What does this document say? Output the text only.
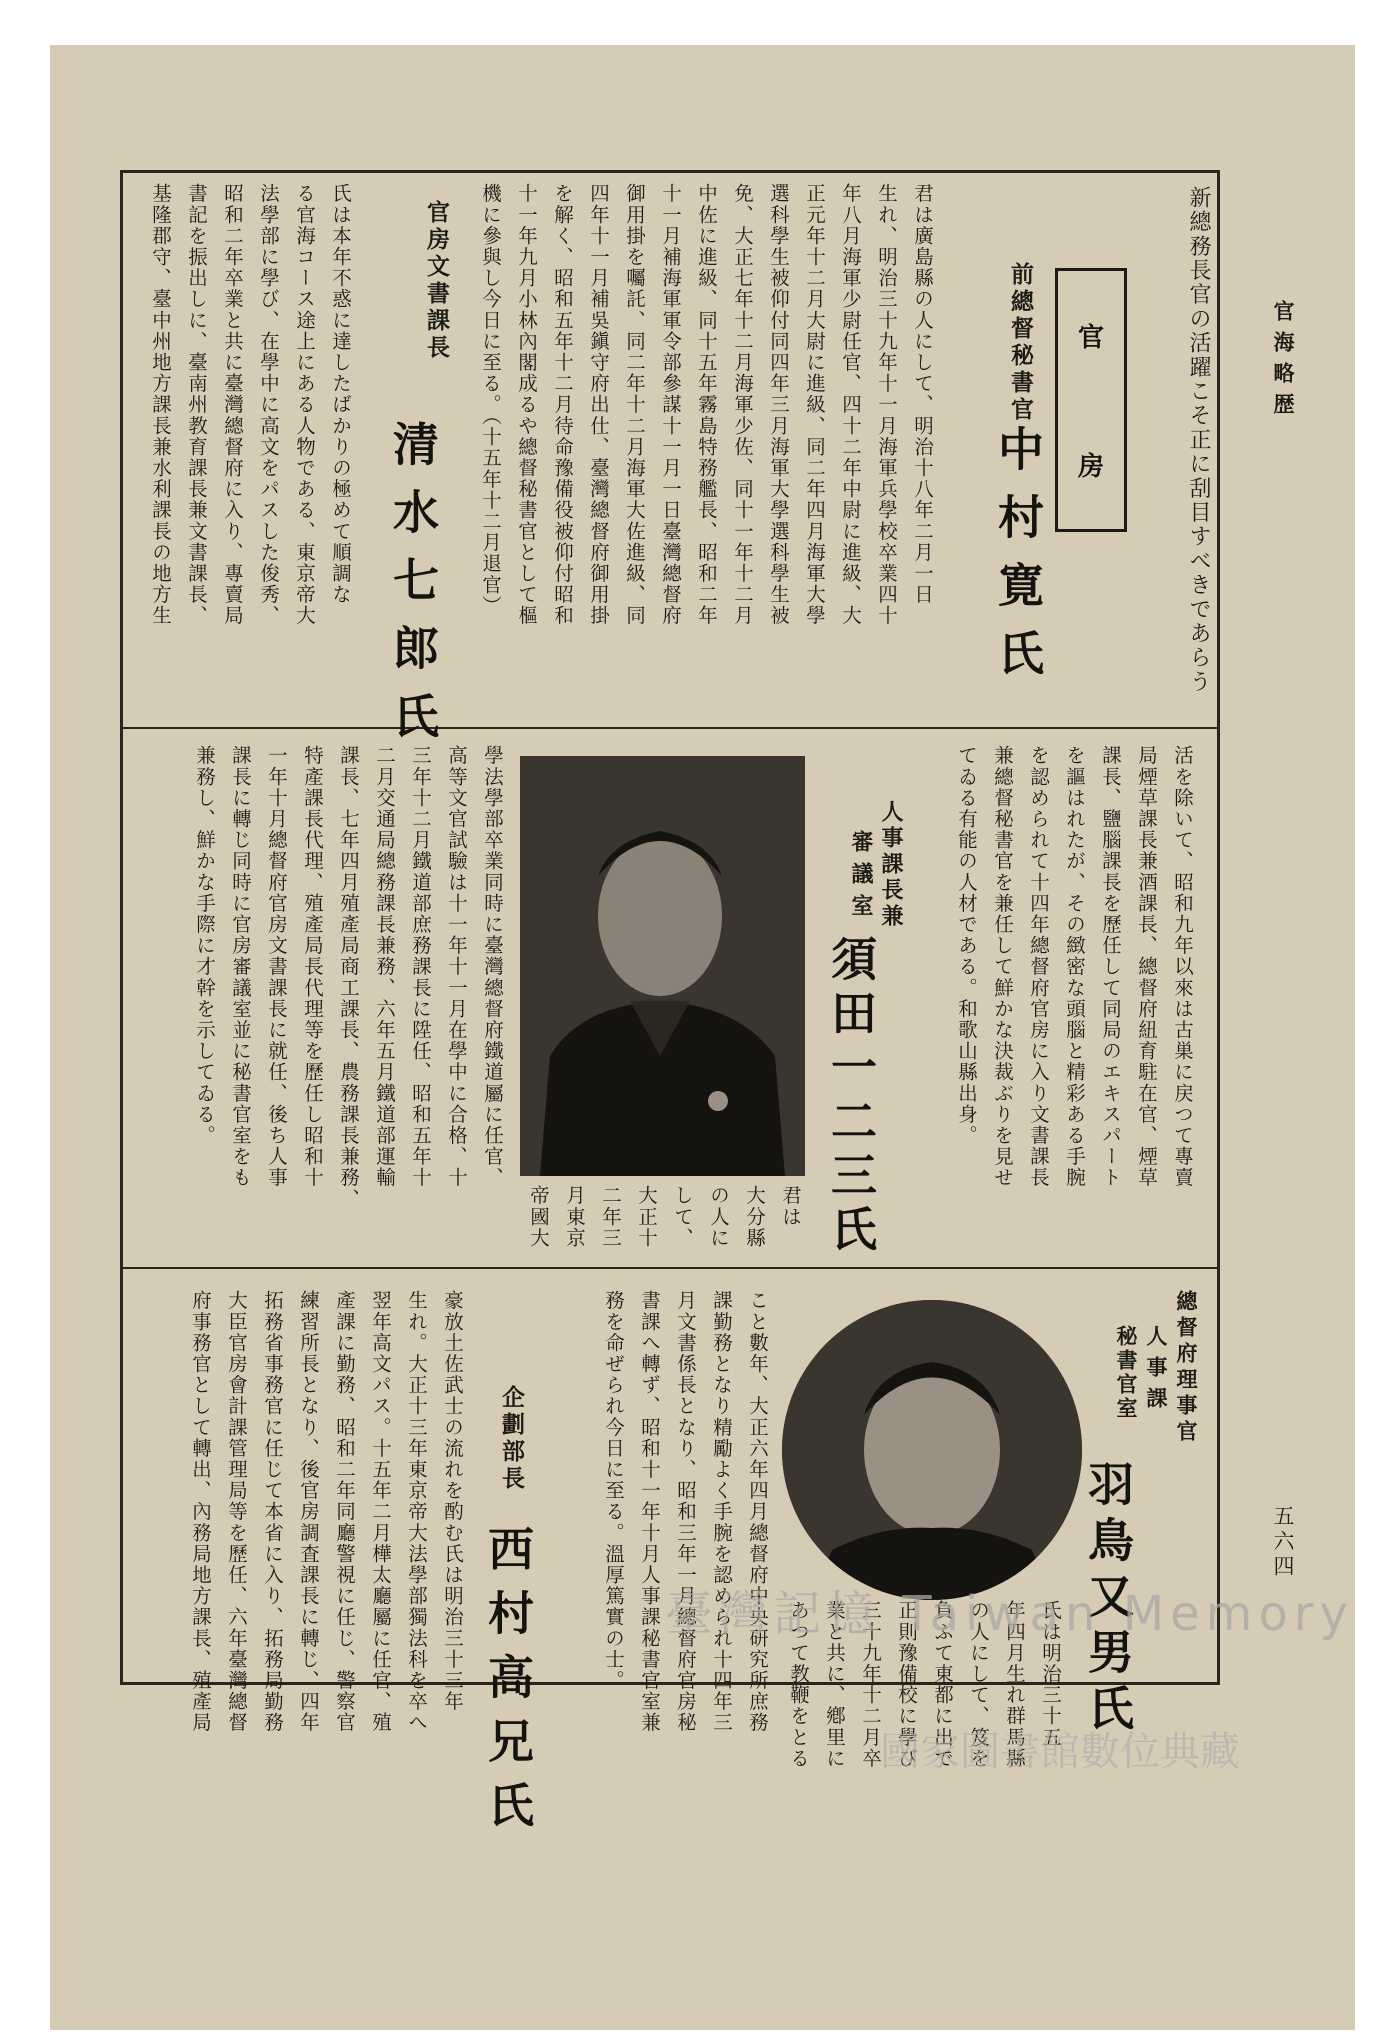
官海略歴
五六四
新總務長官の活躍こそ正に刮目すべきであらう
官
房
前總督秘書官
中村寛氏
君は廣島縣の人にして、明治十八年二月一日
生れ、明治三十九年十一月海軍兵學校卒業四十
年八月海軍少尉任官、四十二年中尉に進級、大
正元年十二月大尉に進級、同二年四月海軍大學
選科學生被仰付同四年三月海軍大學選科學生被
免、大正七年十二月海軍少佐、同十一年十二月
中佐に進級、同十五年霧島特務艦長、昭和二年
十一月補海軍軍令部參謀十一月一日臺灣總督府
御用掛を囑託、同二年十二月海軍大佐進級、同
四年十一月補吳鎭守府出仕、臺灣總督府御用掛
を解く、昭和五年十二月待命豫備役被仰付昭和
十一年九月小林內閣成るや總督秘書官として樞
機に參與し今日に至る。（十五年十二月退官）
官房文書課長
清水七郎氏
氏は本年不惑に達したばかりの極めて順調な
る官海コース途上にある人物である、東京帝大
法學部に學び、在學中に高文をパスした俊秀、
昭和二年卒業と共に臺灣總督府に入り、專賣局
書記を振出しに、臺南州教育課長兼文書課長、
基隆郡守、臺中州地方課長兼水利課長の地方生
活を除いて、昭和九年以來は古巣に戻つて專賣
局煙草課長兼酒課長、總督府紐育駐在官、煙草
課長、鹽腦課長を歷任して同局のエキスパート
を謳はれたが、その緻密な頭腦と精彩ある手腕
を認められて十四年總督府官房に入り文書課長
兼總督秘書官を兼任して鮮かな決裁ぶりを見せ
てゐる有能の人材である。和歌山縣出身。
人事課長兼
審議室
須田一二三氏
君は
大分縣
の人に
して、
大正十
二年三
月東京
帝國大
學法學部卒業同時に臺灣總督府鐵道屬に任官、
高等文官試驗は十一年十一月在學中に合格、十
三年十二月鐵道部庶務課長に陞任、昭和五年十
二月交通局總務課長兼務、六年五月鐵道部運輸
課長、七年四月殖產局商工課長、農務課長兼務、
特產課長代理、殖產局長代理等を歷任し昭和十
一年十月總督府官房文書課長に就任、後ち人事
課長に轉じ同時に官房審議室並に秘書官室をも
兼務し、鮮かな手際に才幹を示してゐる。
總督府理事官
人事課
秘書官室
羽鳥又男氏
氏は明治三十五
年四月生れ群馬縣
の人にして、笈を
負ふて東都に出で
正則豫備校に學び
三十九年十二月卒
業と共に、鄕里に
あつて教鞭をとる
こと數年、大正六年四月總督府中央研究所庶務
課勤務となり精勵よく手腕を認められ十四年三
月文書係長となり、昭和三年一月總督府官房秘
書課へ轉ず、昭和十一年十月人事課秘書官室兼
務を命ぜられ今日に至る。溫厚篤實の士。
企劃部長
西村高兄氏
豪放土佐武士の流れを酌む氏は明治三十三年
生れ。大正十三年東京帝大法學部獨法科を卒へ
翌年高文パス。十五年二月樺太廳屬に任官、殖
產課に勤務、昭和二年同廳警視に任じ、警察官
練習所長となり、後官房調査課長に轉じ、四年
拓務省事務官に任じて本省に入り、拓務局勤務
大臣官房會計課管理局等を歷任、六年臺灣總督
府事務官として轉出、內務局地方課長、殖產局	臺灣記憶 Taiwan Memory
國家圖書館數位典藏
